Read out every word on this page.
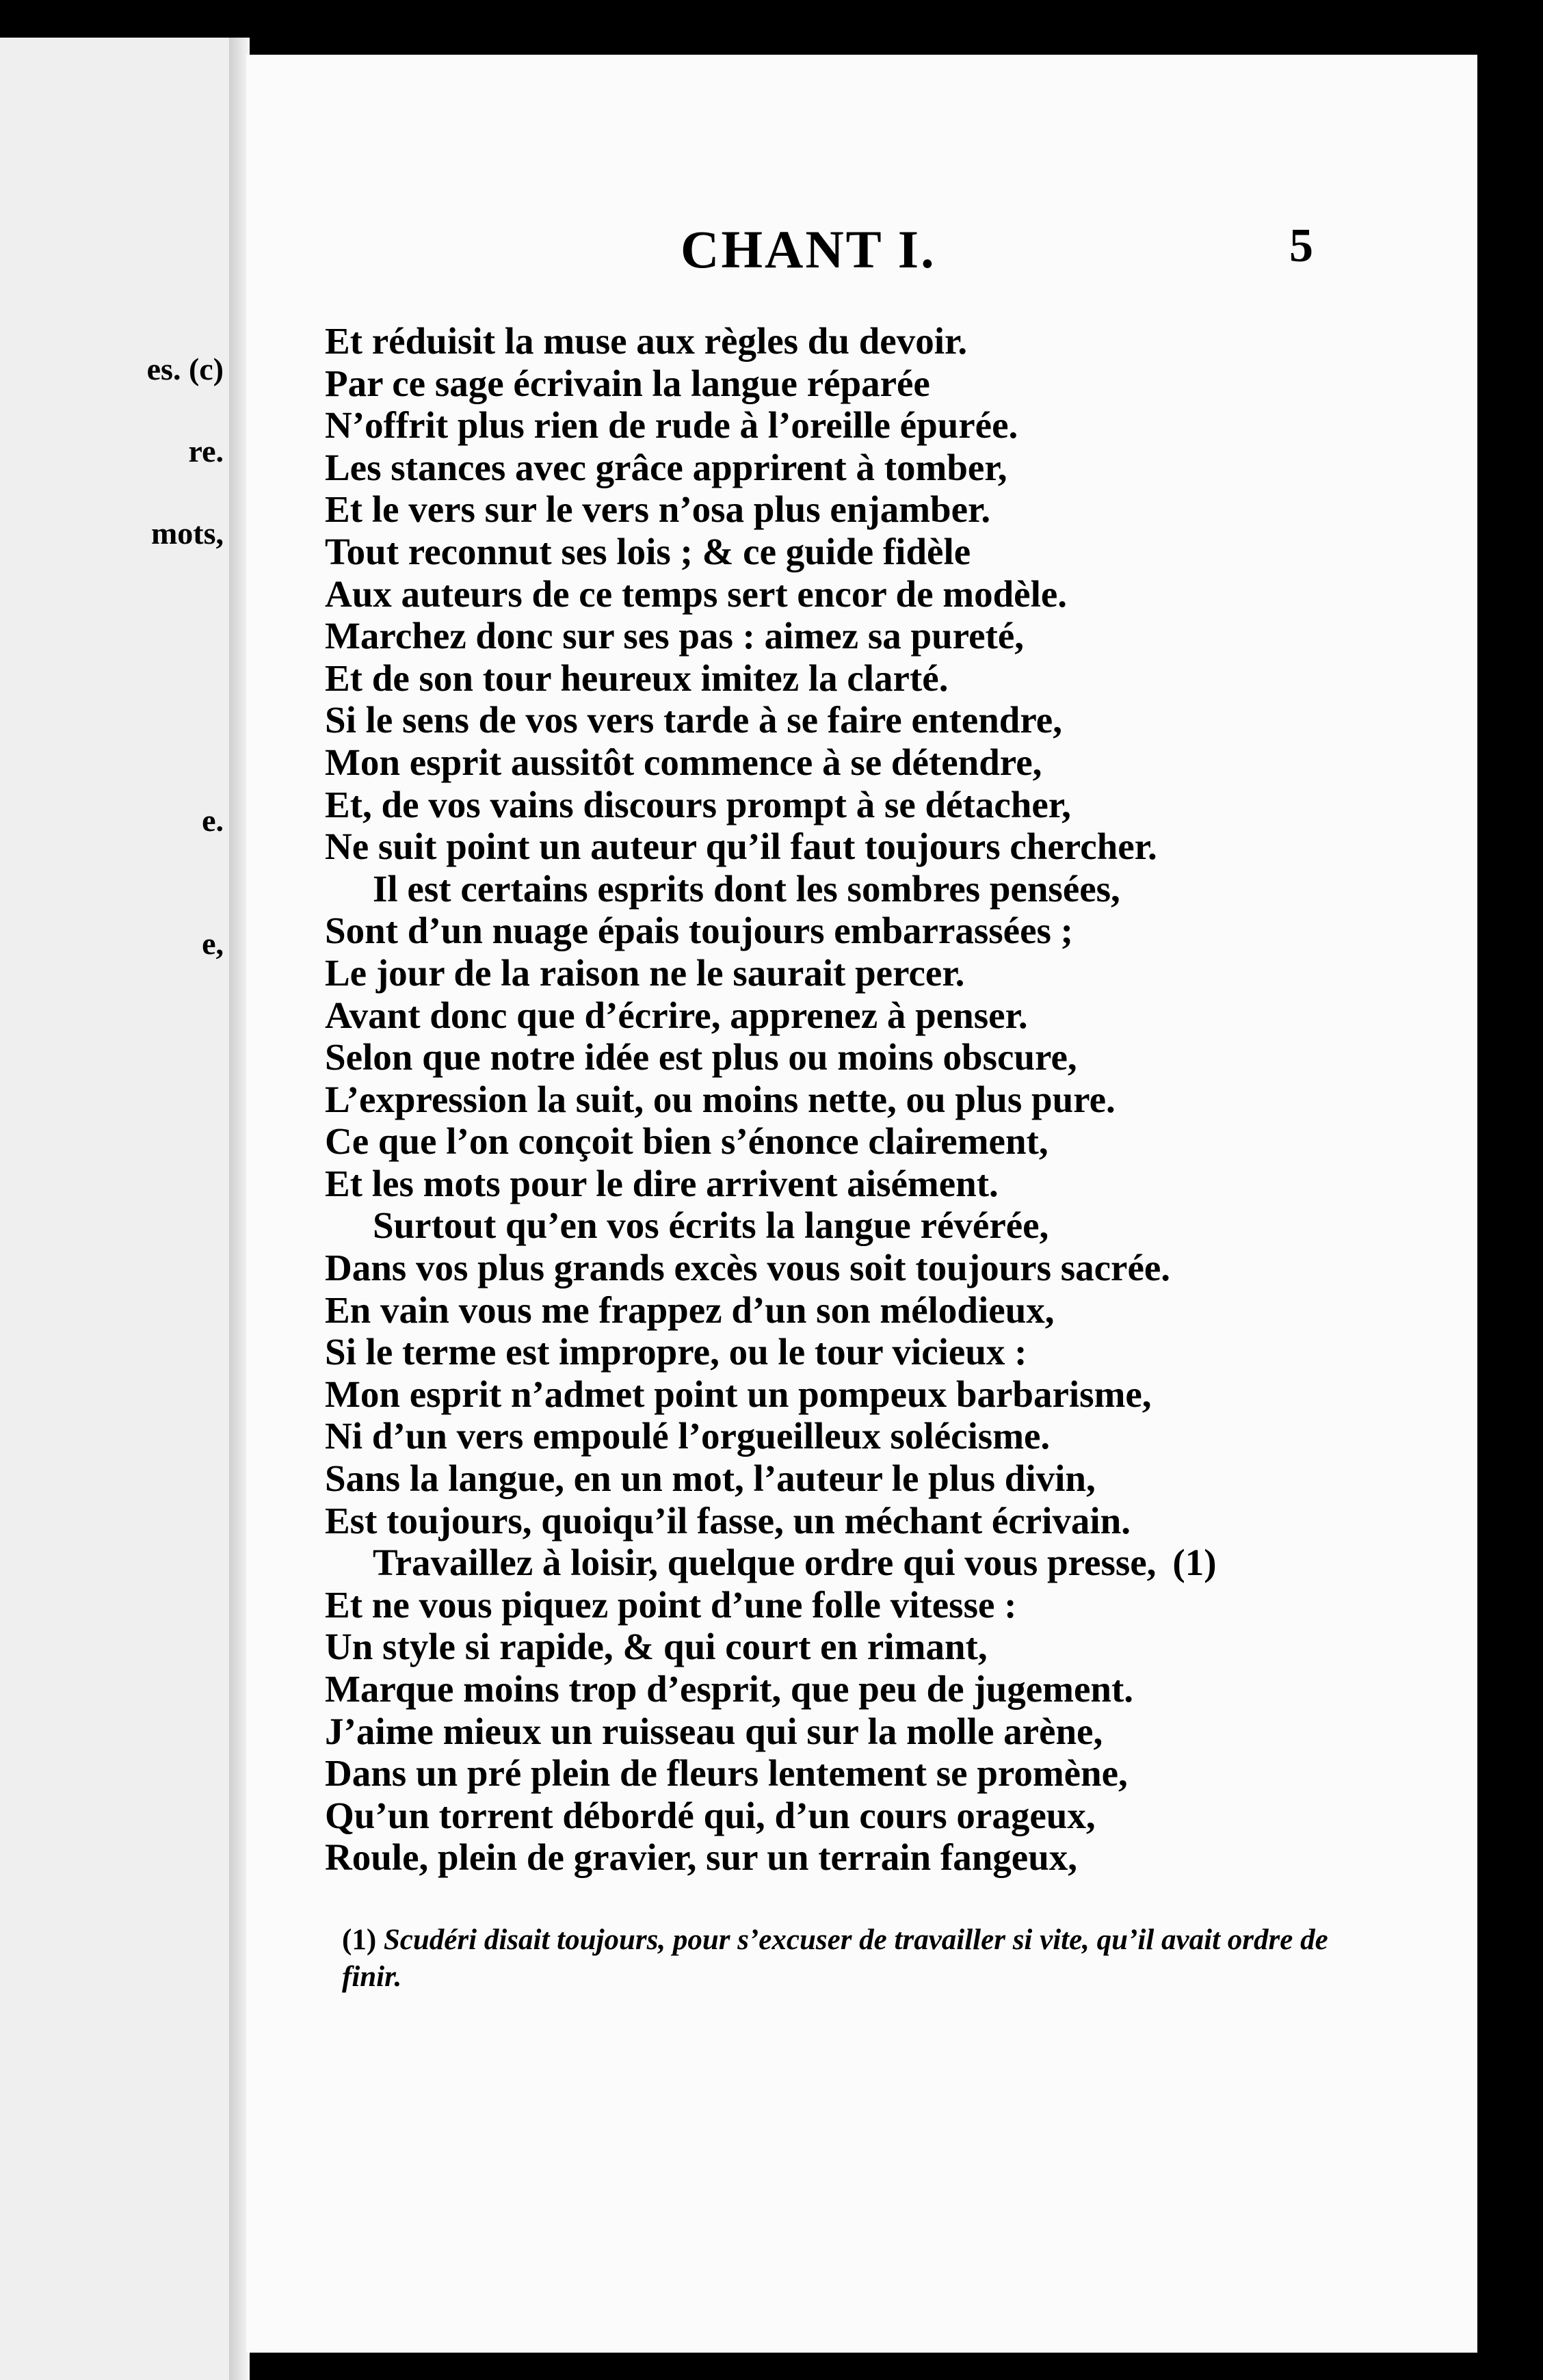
es. (c)
re.
mots,
e.
e,
CHANT I.	5
Et réduisit la muse aux règles du devoir.
Par ce sage écrivain la langue réparée
N’offrit plus rien de rude à l’oreille épurée.
Les stances avec grâce apprirent à tomber,
Et le vers sur le vers n’osa plus enjamber.
Tout reconnut ses lois ; & ce guide fidèle
Aux auteurs de ce temps sert encor de modèle.
Marchez donc sur ses pas : aimez sa pureté,
Et de son tour heureux imitez la clarté.
Si le sens de vos vers tarde à se faire entendre,
Mon esprit aussitôt commence à se détendre,
Et, de vos vains discours prompt à se détacher,
Ne suit point un auteur qu’il faut toujours chercher.
Il est certains esprits dont les sombres pensées,
Sont d’un nuage épais toujours embarrassées ;
Le jour de la raison ne le saurait percer.
Avant donc que d’écrire, apprenez à penser.
Selon que notre idée est plus ou moins obscure,
L’expression la suit, ou moins nette, ou plus pure.
Ce que l’on conçoit bien s’énonce clairement,
Et les mots pour le dire arrivent aisément.
Surtout qu’en vos écrits la langue révérée,
Dans vos plus grands excès vous soit toujours sacrée.
En vain vous me frappez d’un son mélodieux,
Si le terme est impropre, ou le tour vicieux :
Mon esprit n’admet point un pompeux barbarisme,
Ni d’un vers empoulé l’orgueilleux solécisme.
Sans la langue, en un mot, l’auteur le plus divin,
Est toujours, quoiqu’il fasse, un méchant écrivain.
Travaillez à loisir, quelque ordre qui vous presse, (1)
Et ne vous piquez point d’une folle vitesse :
Un style si rapide, & qui court en rimant,
Marque moins trop d’esprit, que peu de jugement.
J’aime mieux un ruisseau qui sur la molle arène,
Dans un pré plein de fleurs lentement se promène,
Qu’un torrent débordé qui, d’un cours orageux,
Roule, plein de gravier, sur un terrain fangeux,
(1) Scudéri disait toujours, pour s’excuser de travailler si vite, qu’il avait ordre de finir.
